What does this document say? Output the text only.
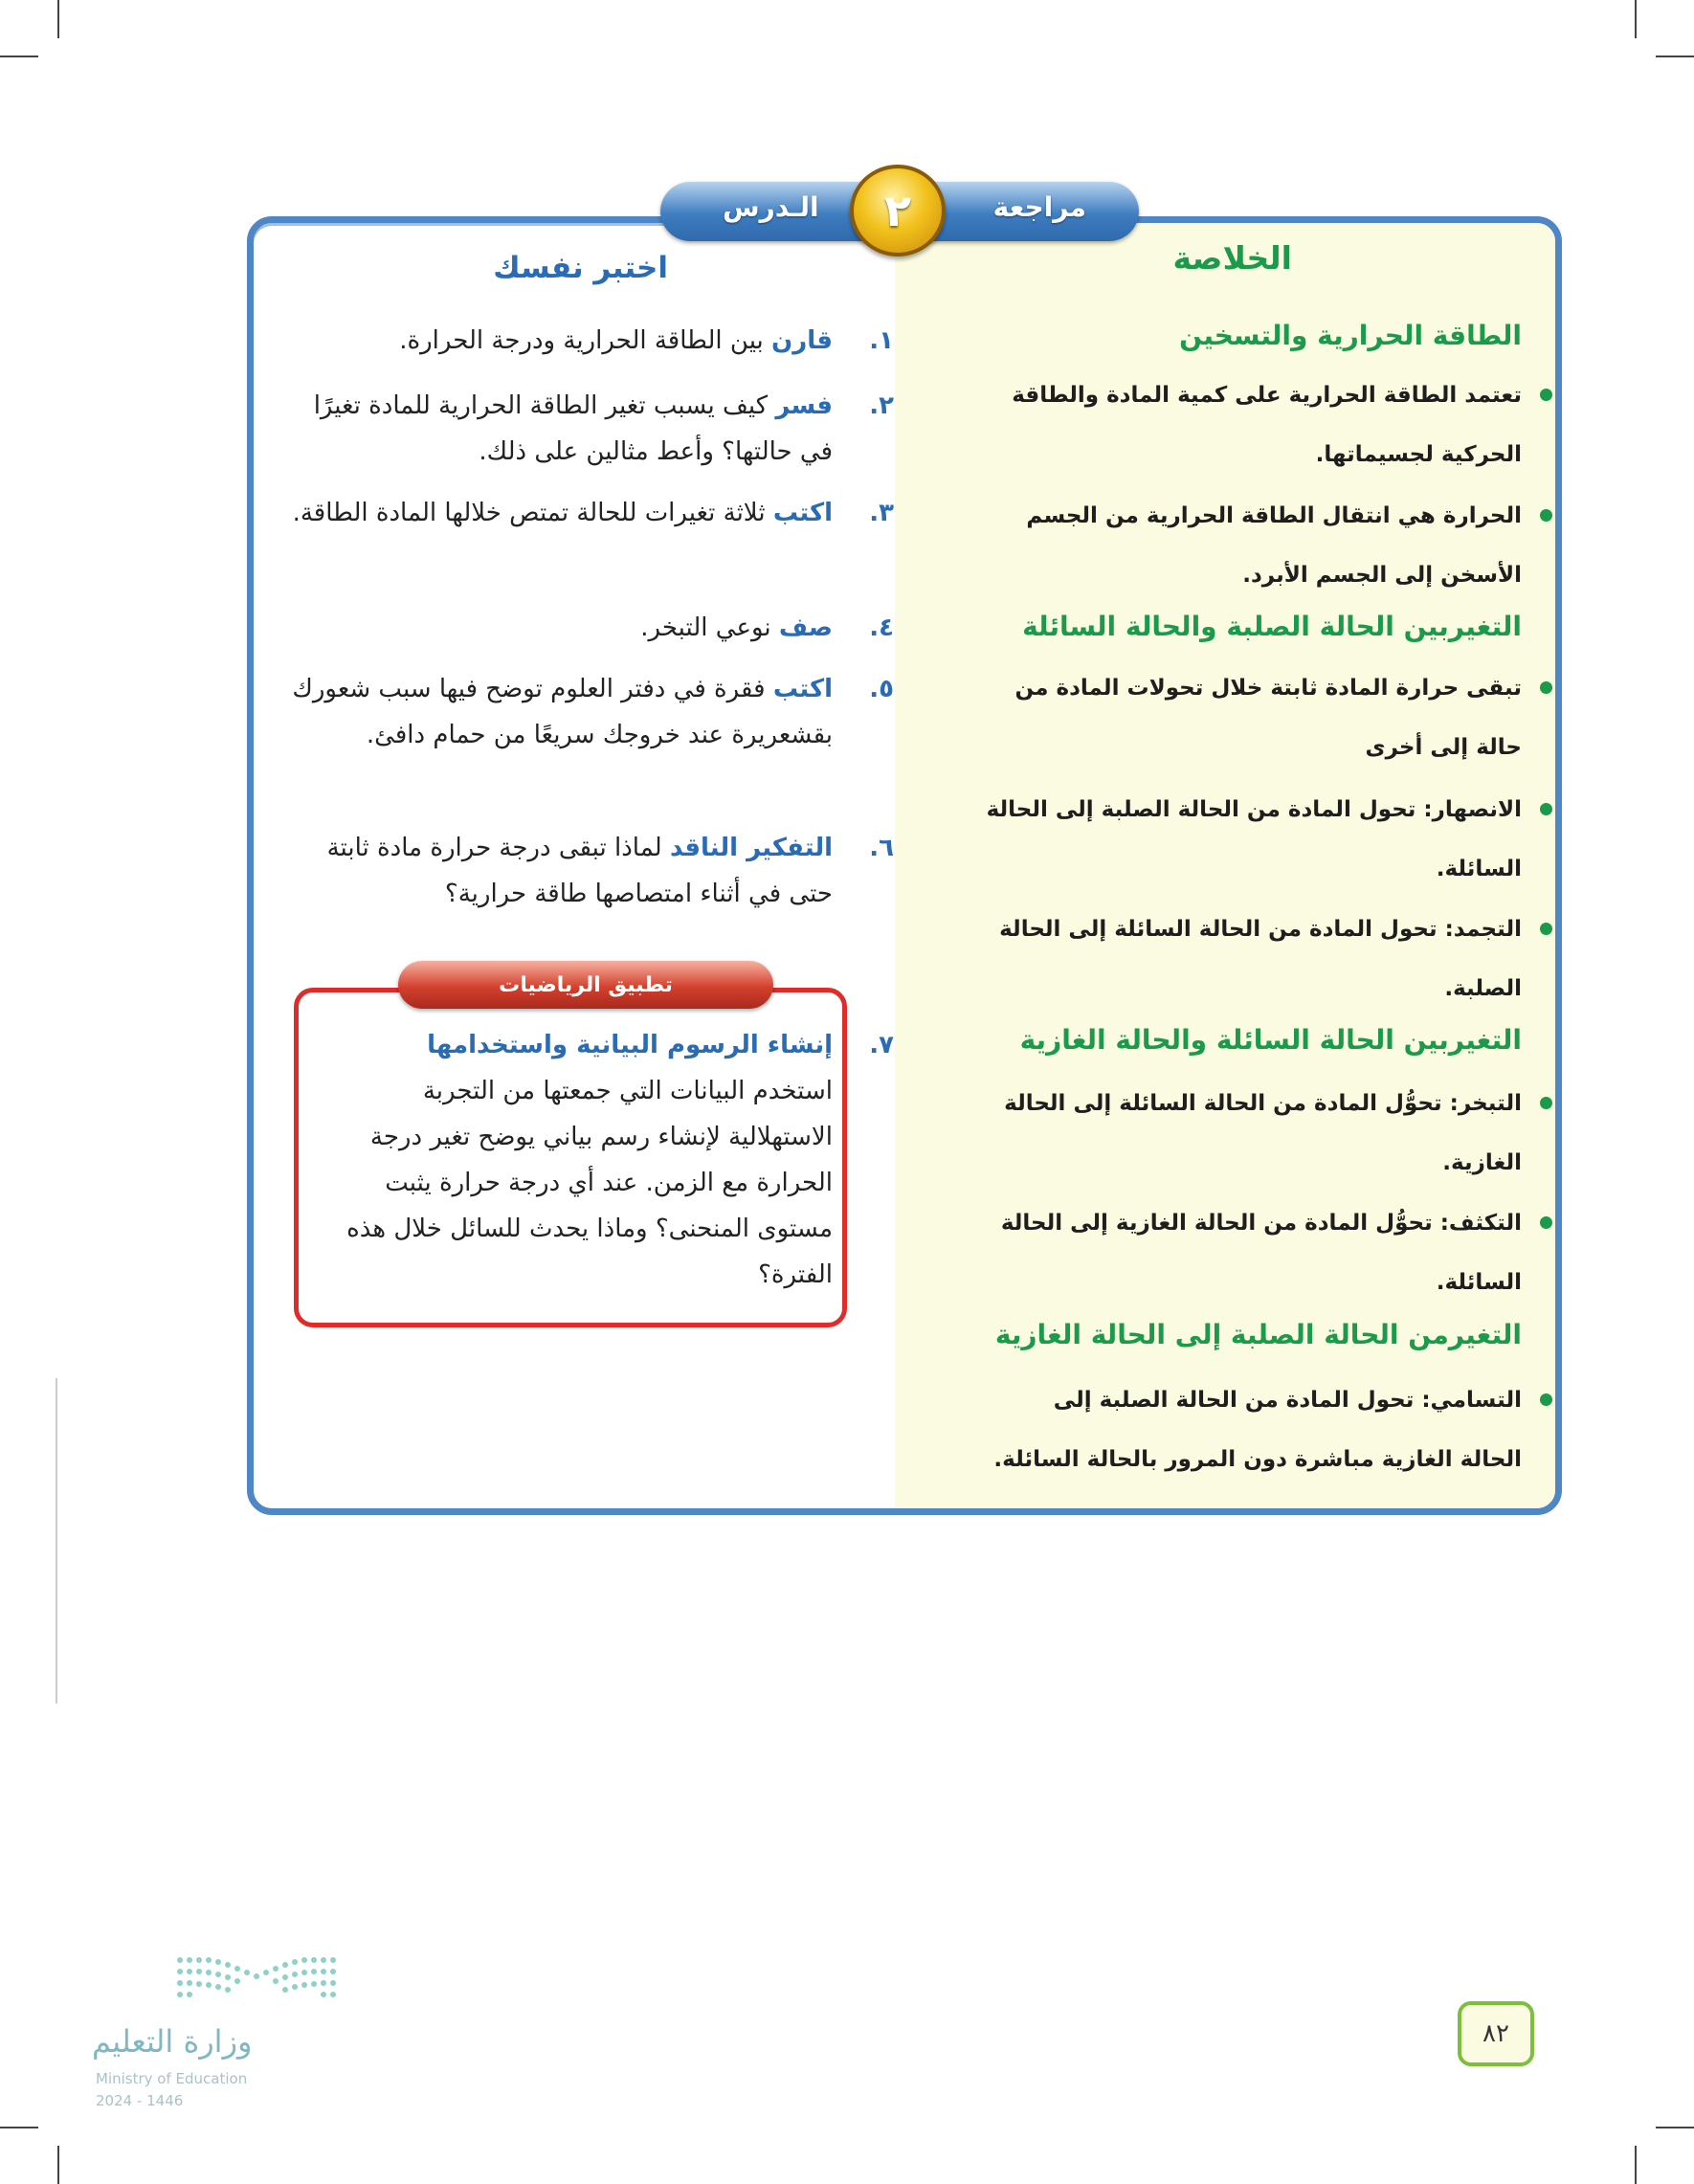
مراجعة
الـدرس	٢
الخلاصة
الطاقة الحرارية والتسخين
تعتمد الطاقة الحرارية على كمية المادة والطاقة الحركية لجسيماتها.
الحرارة هي انتقال الطاقة الحرارية من الجسم الأسخن إلى الجسم الأبرد.
التغيربين الحالة الصلبة والحالة السائلة
تبقى حرارة المادة ثابتة خلال تحولات المادة من حالة إلى أخرى
الانصهار: تحول المادة من الحالة الصلبة إلى الحالة السائلة.
التجمد: تحول المادة من الحالة السائلة إلى الحالة الصلبة.
التغيربين الحالة السائلة والحالة الغازية
التبخر: تحوُّل المادة من الحالة السائلة إلى الحالة الغازية.
التكثف: تحوُّل المادة من الحالة الغازية إلى الحالة السائلة.
التغيرمن الحالة الصلبة إلى الحالة الغازية
التسامي: تحول المادة من الحالة الصلبة إلى الحالة الغازية مباشرة دون المرور بالحالة السائلة.
اختبر نفسك
١.
قارن بين الطاقة الحرارية ودرجة الحرارة.
٢.
فسر كيف يسبب تغير الطاقة الحرارية للمادة تغيرًا في حالتها؟ وأعط مثالين على ذلك.
٣.
اكتب ثلاثة تغيرات للحالة تمتص خلالها المادة الطاقة.
٤.
صف نوعي التبخر.
٥.
اكتب فقرة في دفتر العلوم توضح فيها سبب شعورك بقشعريرة عند خروجك سريعًا من حمام دافئ.
٦.
التفكير الناقد لماذا تبقى درجة حرارة مادة ثابتة حتى في أثناء امتصاصها طاقة حرارية؟
تطبيق الرياضيات
٧.
إنشاء الرسوم البيانية واستخدامها
استخدم البيانات التي جمعتها من التجربة الاستهلالية لإنشاء رسم بياني يوضح تغير درجة الحرارة مع الزمن. عند أي درجة حرارة يثبت مستوى المنحنى؟ وماذا يحدث للسائل خلال هذه الفترة؟
٨٢
وزارة التعليم
Ministry of Education
2024 - 1446
